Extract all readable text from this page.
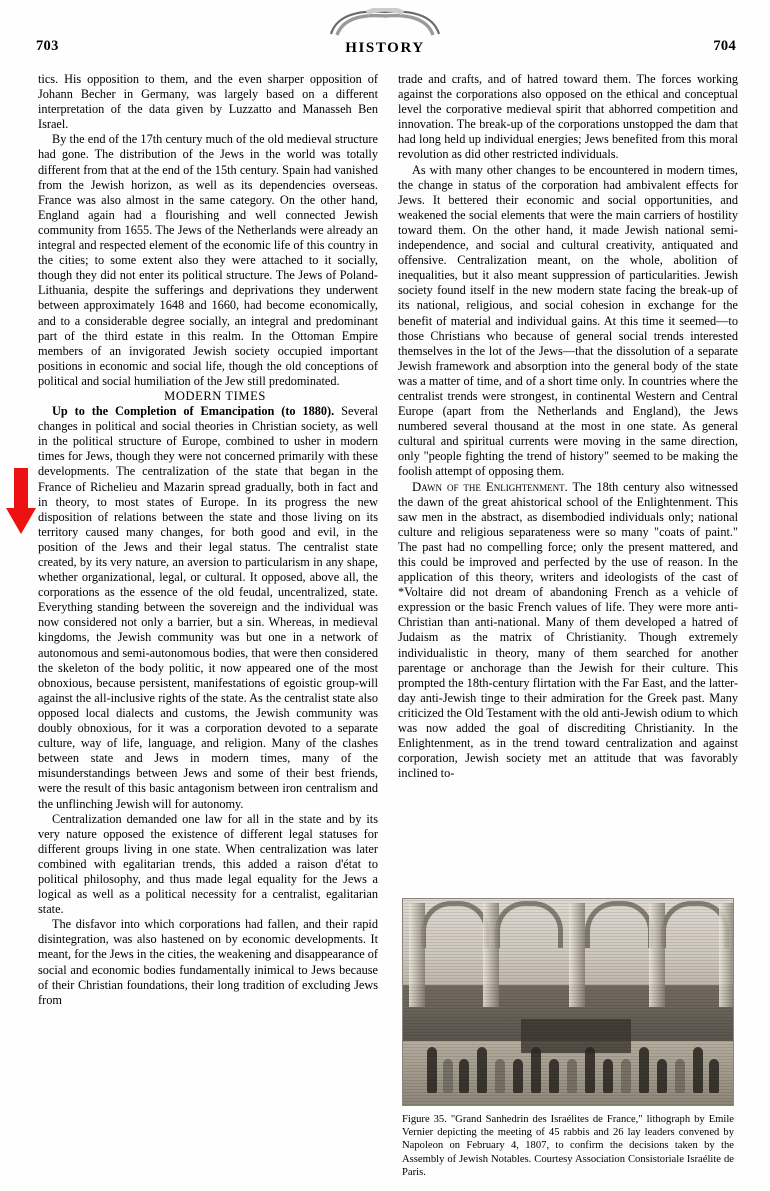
703	HISTORY	704

tics. His opposition to them, and the even sharper opposition of Johann Becher in Germany, was largely based on a different interpretation of the data given by Luzzatto and Manasseh Ben Israel.

By the end of the 17th century much of the old medieval structure had gone. The distribution of the Jews in the world was totally different from that at the end of the 15th century. Spain had vanished from the Jewish horizon, as well as its dependencies overseas. France was also almost in the same category. On the other hand, England again had a flourishing and well connected Jewish community from 1655. The Jews of the Netherlands were already an integral and respected element of the economic life of this country in the cities; to some extent also they were attached to it socially, though they did not enter its political structure. The Jews of Poland-Lithuania, despite the sufferings and deprivations they underwent between approximately 1648 and 1660, had become economically, and to a considerable degree socially, an integral and predominant part of the third estate in this realm. In the Ottoman Empire members of an invigorated Jewish society occupied important positions in economic and social life, though the old conceptions of political and social humiliation of the Jew still predominated.

MODERN TIMES

Up to the Completion of Emancipation (to 1880). Several changes in political and social theories in Christian society, as well in the political structure of Europe, combined to usher in modern times for Jews, though they were not concerned primarily with these developments. The centralization of the state that began in the France of Richelieu and Mazarin spread gradually, both in fact and in theory, to most states of Europe. In its progress the new disposition of relations between the state and those living on its territory caused many changes, for both good and evil, in the position of the Jews and their legal status. The centralist state created, by its very nature, an aversion to particularism in any shape, whether organizational, legal, or cultural. It opposed, above all, the corporations as the essence of the old feudal, uncentralized, state. Everything standing between the sovereign and the individual was now considered not only a barrier, but a sin. Whereas, in medieval kingdoms, the Jewish community was but one in a network of autonomous and semi-autonomous bodies, that were then considered the skeleton of the body politic, it now appeared one of the most obnoxious, because persistent, manifestations of egoistic group-will against the all-inclusive rights of the state. As the centralist state also opposed local dialects and customs, the Jewish community was doubly obnoxious, for it was a corporation devoted to a separate culture, way of life, language, and religion. Many of the clashes between state and Jews in modern times, many of the misunderstandings between Jews and some of their best friends, were the result of this basic antagonism between iron centralism and the unflinching Jewish will for autonomy.

Centralization demanded one law for all in the state and by its very nature opposed the existence of different legal statuses for different groups living in one state. When centralization was later combined with egalitarian trends, this added a raison d'état to political philosophy, and thus made legal equality for the Jews a logical as well as a political necessity for a centralist, egalitarian state.

The disfavor into which corporations had fallen, and their rapid disintegration, was also hastened on by economic developments. It meant, for the Jews in the cities, the weakening and disappearance of social and economic bodies fundamentally inimical to Jews because of their Christian foundations, their long tradition of excluding Jews from

trade and crafts, and of hatred toward them. The forces working against the corporations also opposed on the ethical and conceptual level the corporative medieval spirit that abhorred competition and innovation. The break-up of the corporations unstopped the dam that had long held up individual energies; Jews benefited from this moral revolution as did other restricted individuals.

As with many other changes to be encountered in modern times, the change in status of the corporation had ambivalent effects for Jews. It bettered their economic and social opportunities, and weakened the social elements that were the main carriers of hostility toward them. On the other hand, it made Jewish national semi-independence, and social and cultural creativity, antiquated and offensive. Centralization meant, on the whole, abolition of inequalities, but it also meant suppression of particularities. Jewish society found itself in the new modern state facing the break-up of its national, religious, and social cohesion in exchange for the benefit of material and individual gains. At this time it seemed—to those Christians who because of general social trends interested themselves in the lot of the Jews—that the dissolution of a separate Jewish framework and absorption into the general body of the state was a matter of time, and of a short time only. In countries where the centralist trends were strongest, in continental Western and Central Europe (apart from the Netherlands and England), the Jews numbered several thousand at the most in one state. As general cultural and spiritual currents were moving in the same direction, only "people fighting the trend of history" seemed to be making the foolish attempt of opposing them.

Dawn of the Enlightenment. The 18th century also witnessed the dawn of the great ahistorical school of the Enlightenment. This saw men in the abstract, as disembodied individuals only; national culture and religious separateness were so many "coats of paint." The past had no compelling force; only the present mattered, and this could be improved and perfected by the use of reason. In the application of this theory, writers and ideologists of the cast of *Voltaire did not dream of abandoning French as a vehicle of expression or the basic French values of life. They were more anti-Christian than anti-national. Many of them developed a hatred of Judaism as the matrix of Christianity. Though extremely individualistic in theory, many of them searched for another parentage or anchorage than the Jewish for their culture. This prompted the 18th-century flirtation with the Far East, and the latter-day anti-Jewish tinge to their admiration for the Greek past. Many criticized the Old Testament with the old anti-Jewish odium to which was now added the goal of discrediting Christianity. In the Enlightenment, as in the trend toward centralization and against corporation, Jewish society met an attitude that was favorably inclined to-

Figure 35. "Grand Sanhedrin des Israélites de France," lithograph by Emile Vernier depicting the meeting of 45 rabbis and 26 lay leaders convened by Napoleon on February 4, 1807, to confirm the decisions taken by the Assembly of Jewish Notables. Courtesy Association Consistoriale Israélite de Paris.
